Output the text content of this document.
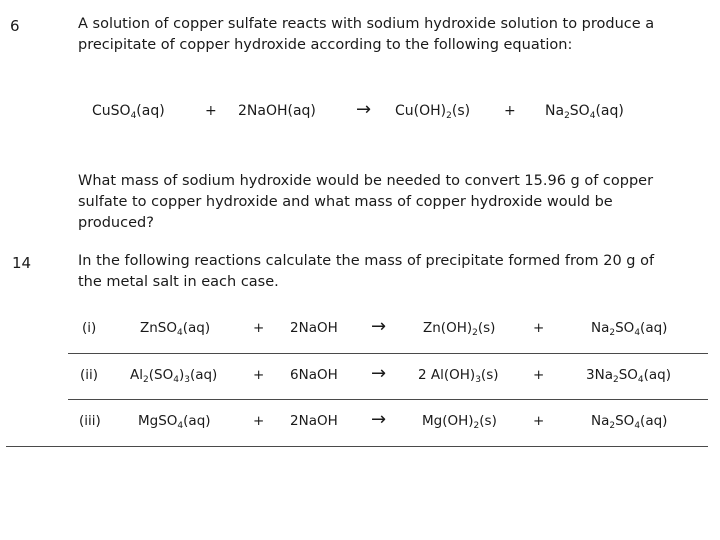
6	A solution of copper sulfate reacts with sodium hydroxide solution to produce a
precipitate of copper hydroxide according to the following equation:
CuSO$_4$(aq)	+ 2NaOH(aq) → $Cu(OH)_2(s) + Na_2SO_4(aq)$
What mass of sodium hydroxide would be needed to convert 15.96 g of copper
sulfate to copper hydroxide and what mass of copper hydroxide would be
produced?
14	In the following reactions calculate the mass of precipitate formed from 20 g of
the metal salt in each case.
(i)	ZnSO$_4$(aq)	+ 2NaOH →	$Zn(OH)_2(s)$	+	$Na_2SO_4(aq)$
(ii) $Al_2(SO_4)_3(aq)$	+ 6NaOH → 2 $Al(OH)_3(s)$	+	$3Na_2SO_4(aq)$
(iii)	MgSO$_4$(aq)	+ 2NaOH →	$Mg(OH)_2(s)$	+	$Na_2SO_4(aq)$
